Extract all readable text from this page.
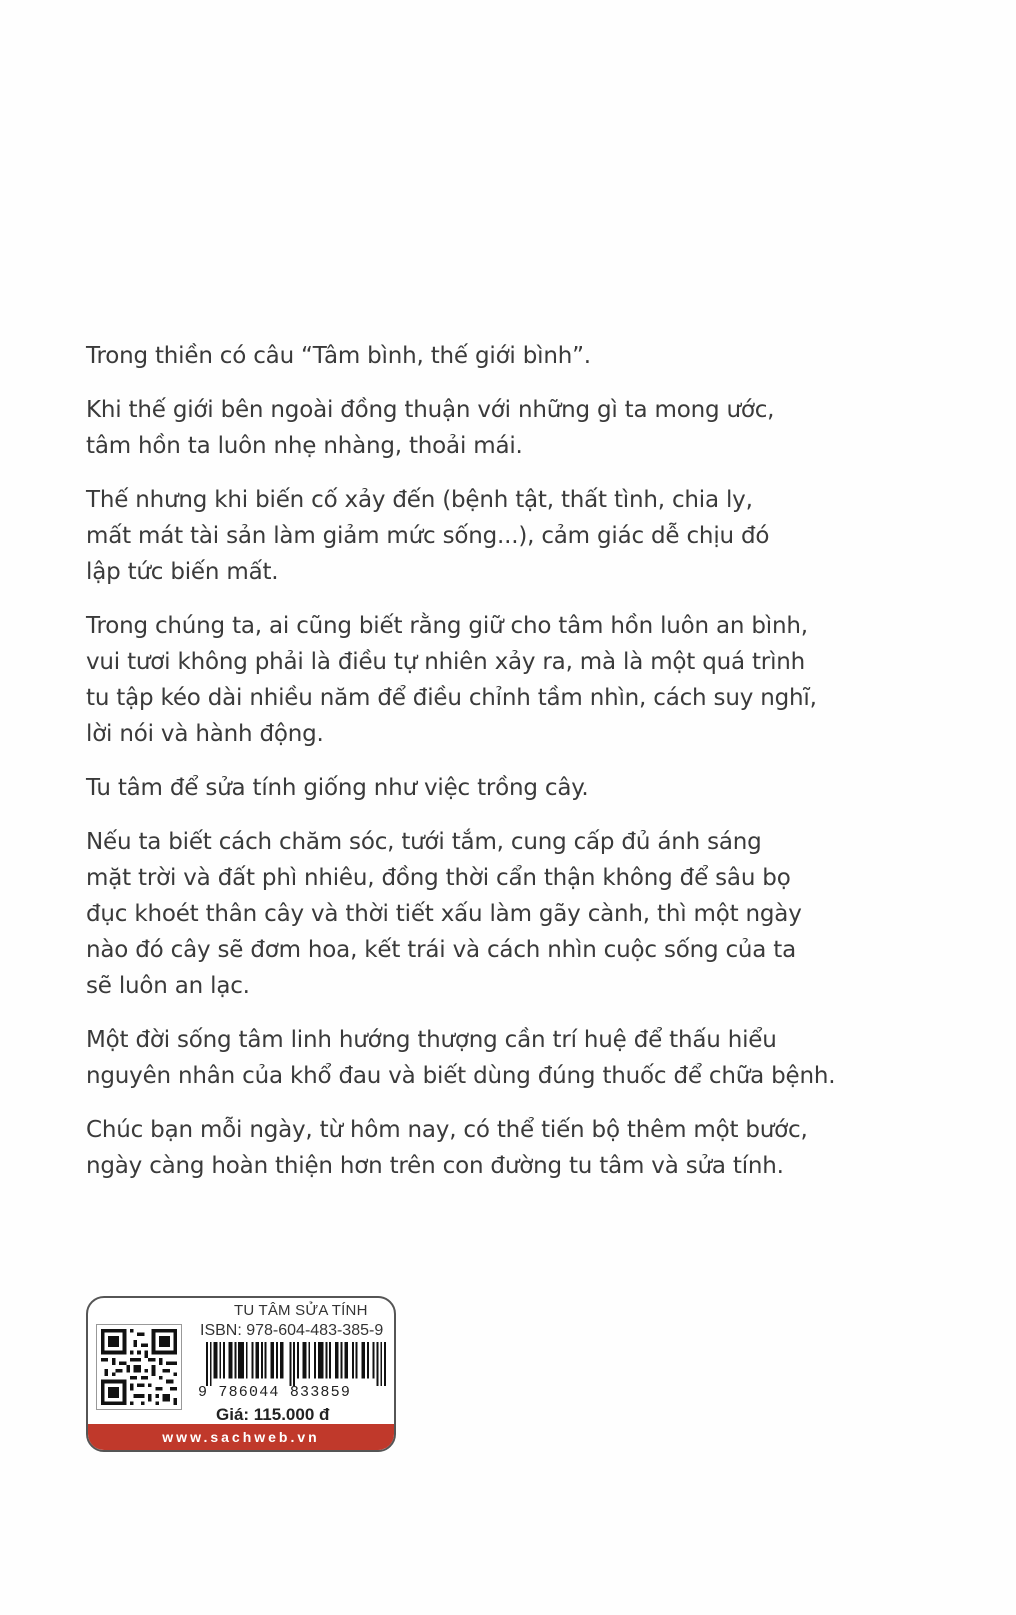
Trong thiền có câu “Tâm bình, thế giới bình”.

Khi thế giới bên ngoài đồng thuận với những gì ta mong ước,
tâm hồn ta luôn nhẹ nhàng, thoải mái.

Thế nhưng khi biến cố xảy đến (bệnh tật, thất tình, chia ly,
mất mát tài sản làm giảm mức sống...), cảm giác dễ chịu đó
lập tức biến mất.

Trong chúng ta, ai cũng biết rằng giữ cho tâm hồn luôn an bình,
vui tươi không phải là điều tự nhiên xảy ra, mà là một quá trình
tu tập kéo dài nhiều năm để điều chỉnh tầm nhìn, cách suy nghĩ,
lời nói và hành động.

Tu tâm để sửa tính giống như việc trồng cây.

Nếu ta biết cách chăm sóc, tưới tắm, cung cấp đủ ánh sáng
mặt trời và đất phì nhiêu, đồng thời cẩn thận không để sâu bọ
đục khoét thân cây và thời tiết xấu làm gãy cành, thì một ngày
nào đó cây sẽ đơm hoa, kết trái và cách nhìn cuộc sống của ta
sẽ luôn an lạc.

Một đời sống tâm linh hướng thượng cần trí huệ để thấu hiểu
nguyên nhân của khổ đau và biết dùng đúng thuốc để chữa bệnh.

Chúc bạn mỗi ngày, từ hôm nay, có thể tiến bộ thêm một bước,
ngày càng hoàn thiện hơn trên con đường tu tâm và sửa tính.

TU TÂM SỬA TÍNH
ISBN: 978-604-483-385-9
9 786044 833859
Giá: 115.000 đ
www.sachweb.vn
